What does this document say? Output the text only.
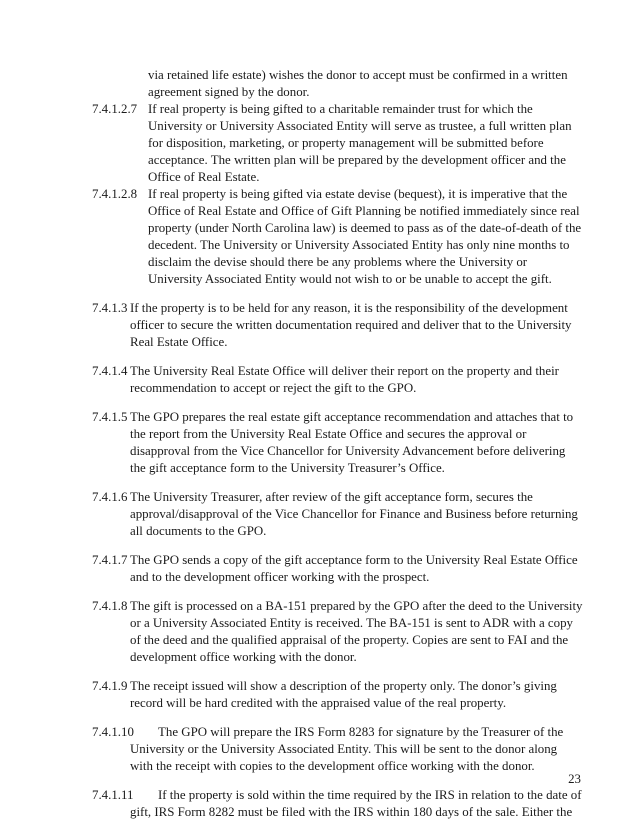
via retained life estate) wishes the donor to accept must be confirmed in a written
agreement signed by the donor.
7.4.1.2.7 If real property is being gifted to a charitable remainder trust for which the
University or University Associated Entity will serve as trustee, a full written plan
for disposition, marketing, or property management will be submitted before
acceptance. The written plan will be prepared by the development officer and the
Office of Real Estate.
7.4.1.2.8 If real property is being gifted via estate devise (bequest), it is imperative that the
Office of Real Estate and Office of Gift Planning be notified immediately since real
property (under North Carolina law) is deemed to pass as of the date-of-death of the
decedent. The University or University Associated Entity has only nine months to
disclaim the devise should there be any problems where the University or
University Associated Entity would not wish to or be unable to accept the gift.
7.4.1.3 If the property is to be held for any reason, it is the responsibility of the development
officer to secure the written documentation required and deliver that to the University
Real Estate Office.
7.4.1.4 The University Real Estate Office will deliver their report on the property and their
recommendation to accept or reject the gift to the GPO.
7.4.1.5 The GPO prepares the real estate gift acceptance recommendation and attaches that to
the report from the University Real Estate Office and secures the approval or
disapproval from the Vice Chancellor for University Advancement before delivering
the gift acceptance form to the University Treasurer’s Office.
7.4.1.6 The University Treasurer, after review of the gift acceptance form, secures the
approval/disapproval of the Vice Chancellor for Finance and Business before returning
all documents to the GPO.
7.4.1.7 The GPO sends a copy of the gift acceptance form to the University Real Estate Office
and to the development officer working with the prospect.
7.4.1.8 The gift is processed on a BA-151 prepared by the GPO after the deed to the University
or a University Associated Entity is received. The BA-151 is sent to ADR with a copy
of the deed and the qualified appraisal of the property. Copies are sent to FAI and the
development office working with the donor.
7.4.1.9 The receipt issued will show a description of the property only. The donor’s giving
record will be hard credited with the appraised value of the real property.
7.4.1.10 The GPO will prepare the IRS Form 8283 for signature by the Treasurer of the
University or the University Associated Entity. This will be sent to the donor along
with the receipt with copies to the development office working with the donor.
7.4.1.11 If the property is sold within the time required by the IRS in relation to the date of
gift, IRS Form 8282 must be filed with the IRS within 180 days of the sale. Either the
23
